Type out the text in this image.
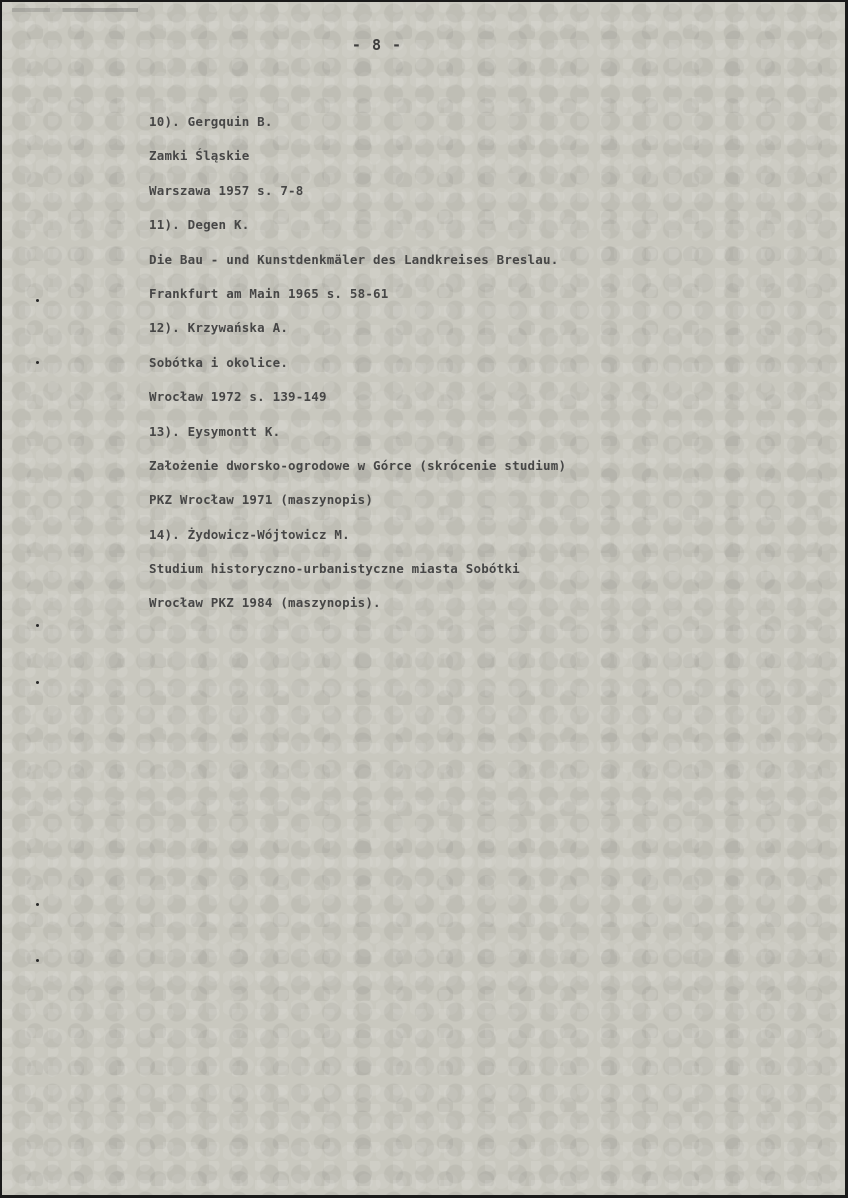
- 8 -
10). Gergquin B.
Zamki Śląskie
Warszawa 1957 s. 7-8
11). Degen K.
Die Bau - und Kunstdenkmäler des Landkreises Breslau.
Frankfurt am Main 1965 s. 58-61
12). Krzywańska A.
Sobótka i okolice.
Wrocław 1972 s. 139-149
13). Eysymontt K.
Założenie dworsko-ogrodowe w Górce (skrócenie studium)
PKZ Wrocław 1971 (maszynopis)
14). Żydowicz-Wójtowicz M.
Studium historyczno-urbanistyczne miasta Sobótki
Wrocław PKZ 1984 (maszynopis).
